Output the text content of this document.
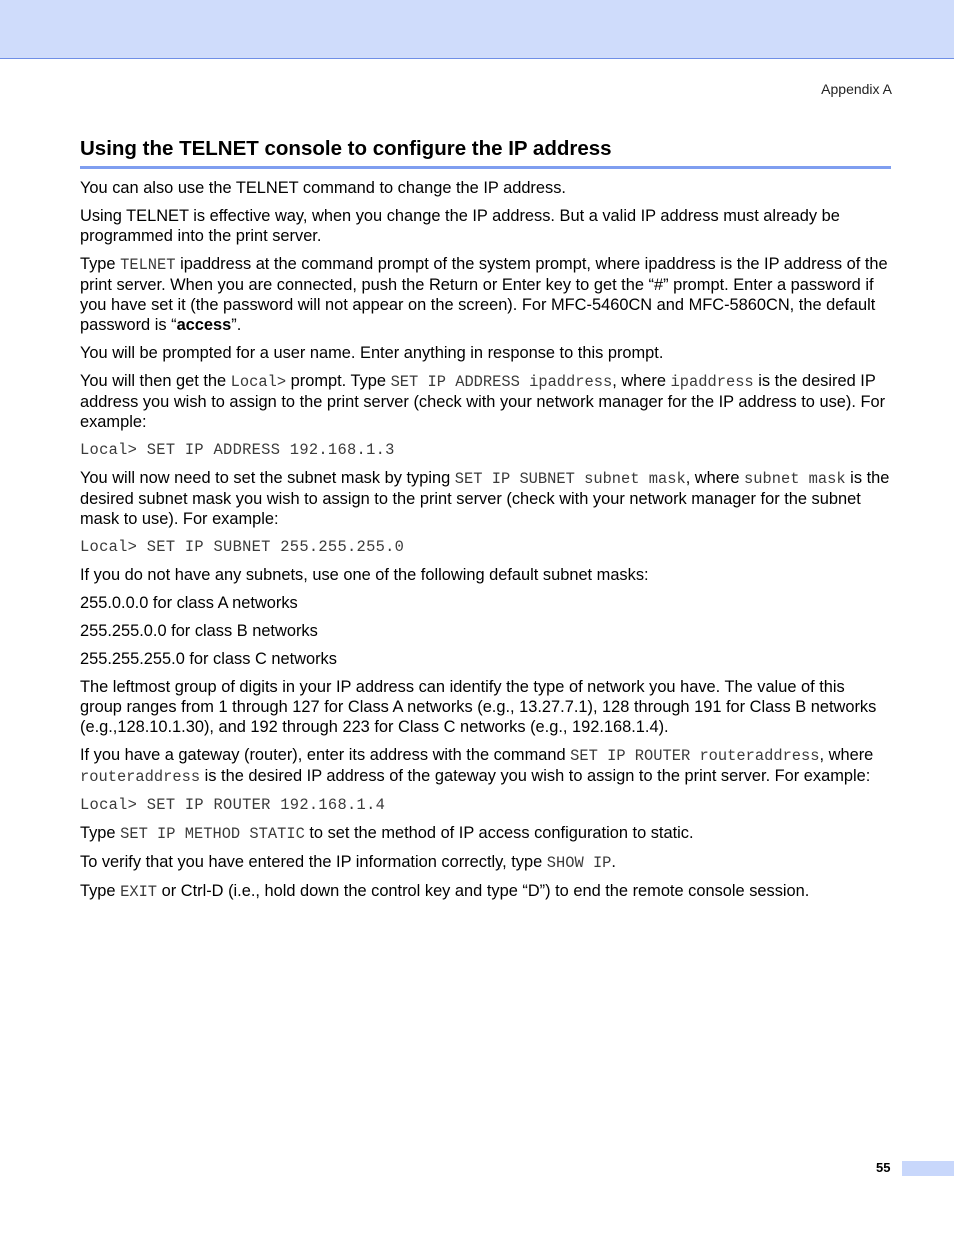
Appendix A
Using the TELNET console to configure the IP address

You can also use the TELNET command to change the IP address.

Using TELNET is effective way, when you change the IP address. But a valid IP address must already be programmed into the print server.

Type TELNET ipaddress at the command prompt of the system prompt, where ipaddress is the IP address of the print server. When you are connected, push the Return or Enter key to get the “#” prompt. Enter a password if you have set it (the password will not appear on the screen). For MFC-5460CN and MFC-5860CN, the default password is “access”.

You will be prompted for a user name. Enter anything in response to this prompt.

You will then get the Local> prompt. Type SET IP ADDRESS ipaddress, where ipaddress is the desired IP address you wish to assign to the print server (check with your network manager for the IP address to use). For example:

Local> SET IP ADDRESS 192.168.1.3

You will now need to set the subnet mask by typing SET IP SUBNET subnet mask, where subnet mask is the desired subnet mask you wish to assign to the print server (check with your network manager for the subnet mask to use). For example:

Local> SET IP SUBNET 255.255.255.0

If you do not have any subnets, use one of the following default subnet masks:

255.0.0.0 for class A networks

255.255.0.0 for class B networks

255.255.255.0 for class C networks

The leftmost group of digits in your IP address can identify the type of network you have. The value of this group ranges from 1 through 127 for Class A networks (e.g., 13.27.7.1), 128 through 191 for Class B networks (e.g.,128.10.1.30), and 192 through 223 for Class C networks (e.g., 192.168.1.4).

If you have a gateway (router), enter its address with the command SET IP ROUTER routeraddress, where routeraddress is the desired IP address of the gateway you wish to assign to the print server. For example:

Local> SET IP ROUTER 192.168.1.4

Type SET IP METHOD STATIC to set the method of IP access configuration to static.

To verify that you have entered the IP information correctly, type SHOW IP.

Type EXIT or Ctrl-D (i.e., hold down the control key and type “D”) to end the remote console session.

55
